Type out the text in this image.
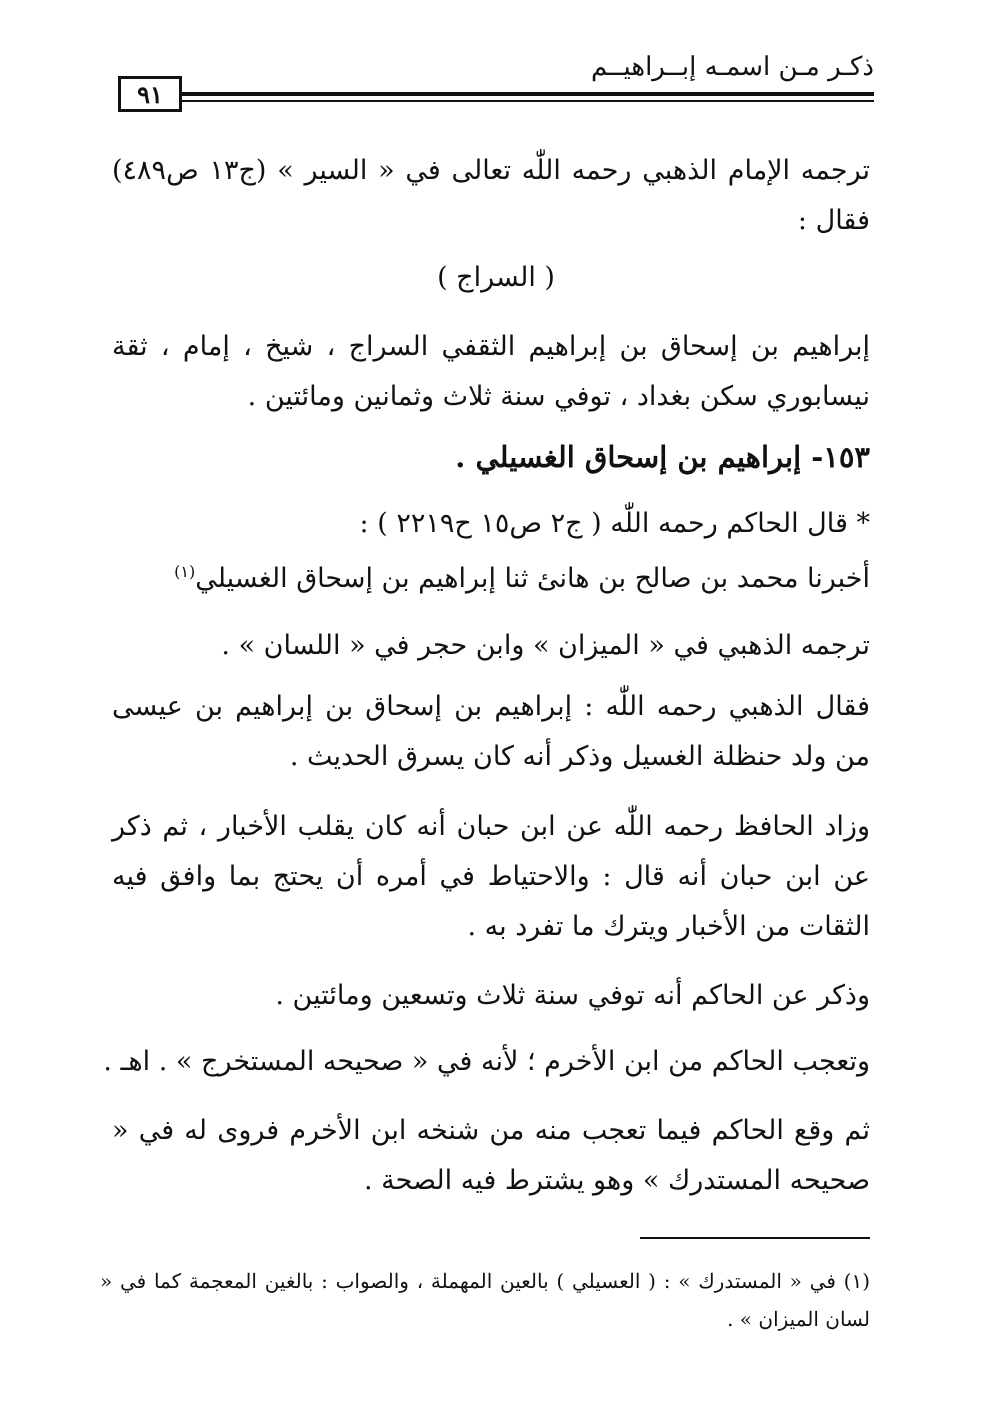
ذكـر مـن اسمـه إبــراهيــم
٩١
ترجمه الإمام الذهبي رحمه اللّٰه تعالى في « السير » (ج١٣ ص٤٨٩) فقال :
( السراج )
إبراهيم بن إسحاق بن إبراهيم الثقفي السراج ، شيخ ، إمام ، ثقة نيسابوري سكن بغداد ، توفي سنة ثلاث وثمانين ومائتين .
١٥٣- إبراهيم بن إسحاق الغسيلي .
* قال الحاكم رحمه اللّٰه ( ج٢ ص١٥ ح٢٢١٩ ) :
أخبرنا محمد بن صالح بن هانئ ثنا إبراهيم بن إسحاق الغسيلي$^{(١)}$
ترجمه الذهبي في « الميزان » وابن حجر في « اللسان » .
فقال الذهبي رحمه اللّٰه : إبراهيم بن إسحاق بن إبراهيم بن عيسى من ولد حنظلة الغسيل وذكر أنه كان يسرق الحديث .
وزاد الحافظ رحمه اللّٰه عن ابن حبان أنه كان يقلب الأخبار ، ثم ذكر عن ابن حبان أنه قال : والاحتياط في أمره أن يحتج بما وافق فيه الثقات من الأخبار ويترك ما تفرد به .
وذكر عن الحاكم أنه توفي سنة ثلاث وتسعين ومائتين .
وتعجب الحاكم من ابن الأخرم ؛ لأنه في « صحيحه المستخرج » . اهـ .
ثم وقع الحاكم فيما تعجب منه من شنخه ابن الأخرم فروى له في « صحيحه المستدرك » وهو يشترط فيه الصحة .
(١) في « المستدرك » : ( العسيلي ) بالعين المهملة ، والصواب : بالغين المعجمة كما في « لسان الميزان » .
